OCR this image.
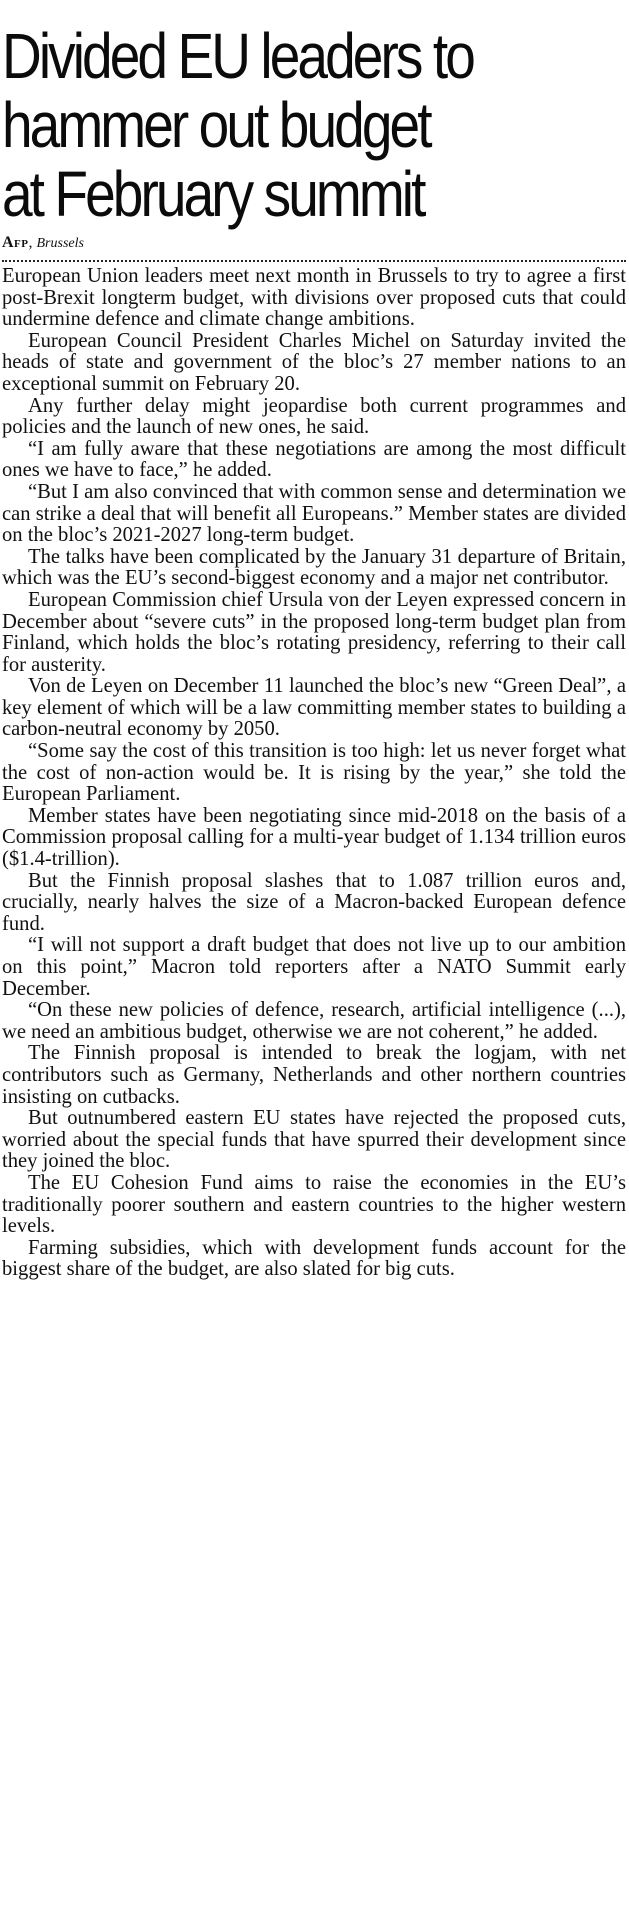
Divided EU leaders to
hammer out budget
at February summit
Afp, Brussels

European Union leaders meet next month in Brussels to try to agree a first post-Brexit longterm budget, with divisions over proposed cuts that could undermine defence and climate change ambitions.

European Council President Charles Michel on Saturday invited the heads of state and government of the bloc’s 27 member nations to an exceptional summit on February 20.

Any further delay might jeopardise both current programmes and policies and the launch of new ones, he said.

“I am fully aware that these negotiations are among the most difficult ones we have to face,” he added.

“But I am also convinced that with common sense and determination we can strike a deal that will benefit all Europeans.” Member states are divided on the bloc’s 2021-2027 long-term budget.

The talks have been complicated by the January 31 departure of Britain, which was the EU’s second-biggest economy and a major net contributor.

European Commission chief Ursula von der Leyen expressed concern in December about “severe cuts” in the proposed long-term budget plan from Finland, which holds the bloc’s rotating presidency, referring to their call for austerity.

Von de Leyen on December 11 launched the bloc’s new “Green Deal”, a key element of which will be a law committing member states to building a carbon-neutral economy by 2050.

“Some say the cost of this transition is too high: let us never forget what the cost of non-action would be. It is rising by the year,” she told the European Parliament.

Member states have been negotiating since mid-2018 on the basis of a Commission proposal calling for a multi-year budget of 1.134 trillion euros ($1.4-trillion).

But the Finnish proposal slashes that to 1.087 trillion euros and, crucially, nearly halves the size of a Macron-backed European defence fund.

“I will not support a draft budget that does not live up to our ambition on this point,” Macron told reporters after a NATO Summit early December.

“On these new policies of defence, research, artificial intelligence (...), we need an ambitious budget, otherwise we are not coherent,” he added.

The Finnish proposal is intended to break the logjam, with net contributors such as Germany, Netherlands and other northern countries insisting on cutbacks.

But outnumbered eastern EU states have rejected the proposed cuts, worried about the special funds that have spurred their development since they joined the bloc.

The EU Cohesion Fund aims to raise the economies in the EU’s traditionally poorer southern and eastern countries to the higher western levels.

Farming subsidies, which with development funds account for the biggest share of the budget, are also slated for big cuts.
